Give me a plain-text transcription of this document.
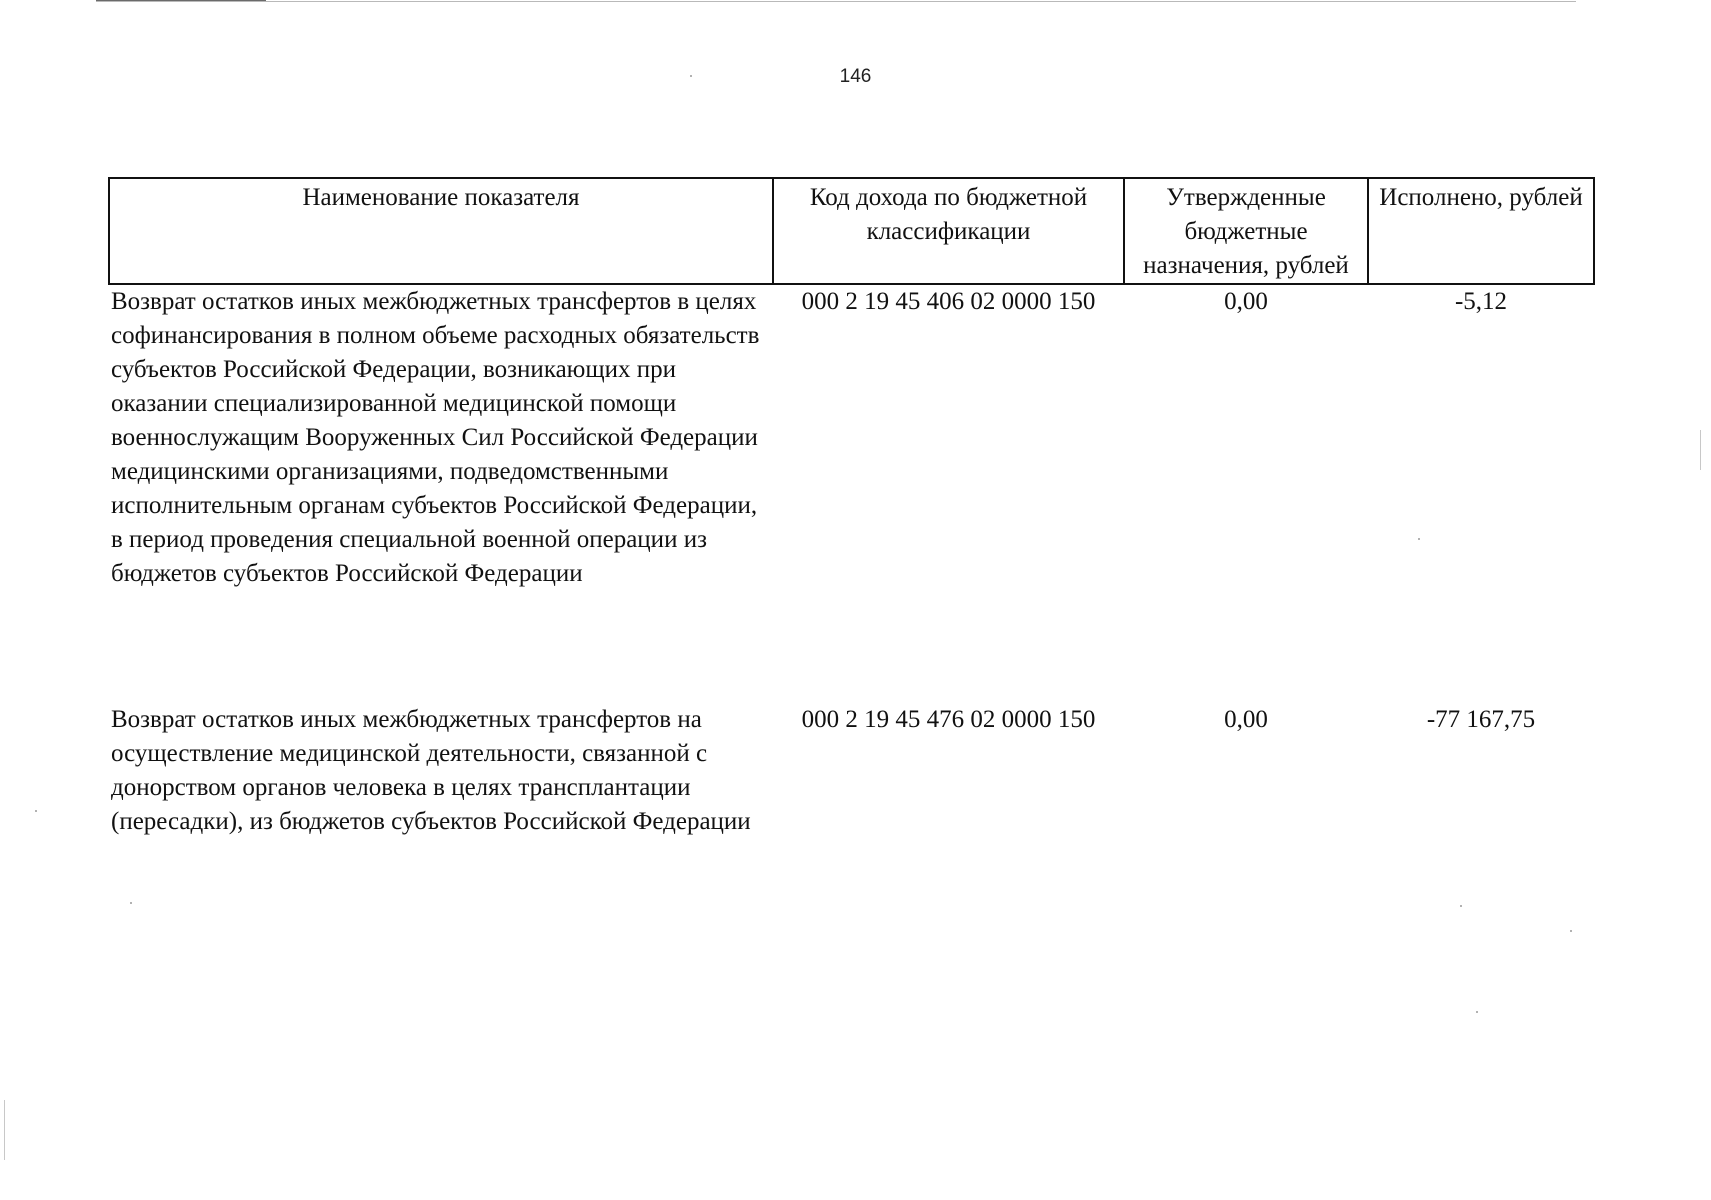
146
Наименование показателя	Код дохода по бюджетной классификации	Утвержденные бюджетные назначения, рублей	Исполнено, рублей
Возврат остатков иных межбюджетных трансфертов в целях софинансирования в полном объеме расходных обязательств субъектов Российской Федерации, возникающих при оказании специализированной медицинской помощи военнослужащим Вооруженных Сил Российской Федерации медицинскими организациями, подведомственными исполнительным органам субъектов Российской Федерации, в период проведения специальной военной операции из бюджетов субъектов Российской Федерации	000 2 19 45 406 02 0000 150	0,00	-5,12
Возврат остатков иных межбюджетных трансфертов на осуществление медицинской деятельности, связанной с донорством органов человека в целях трансплантации (пересадки), из бюджетов субъектов Российской Федерации	000 2 19 45 476 02 0000 150	0,00	-77 167,75
